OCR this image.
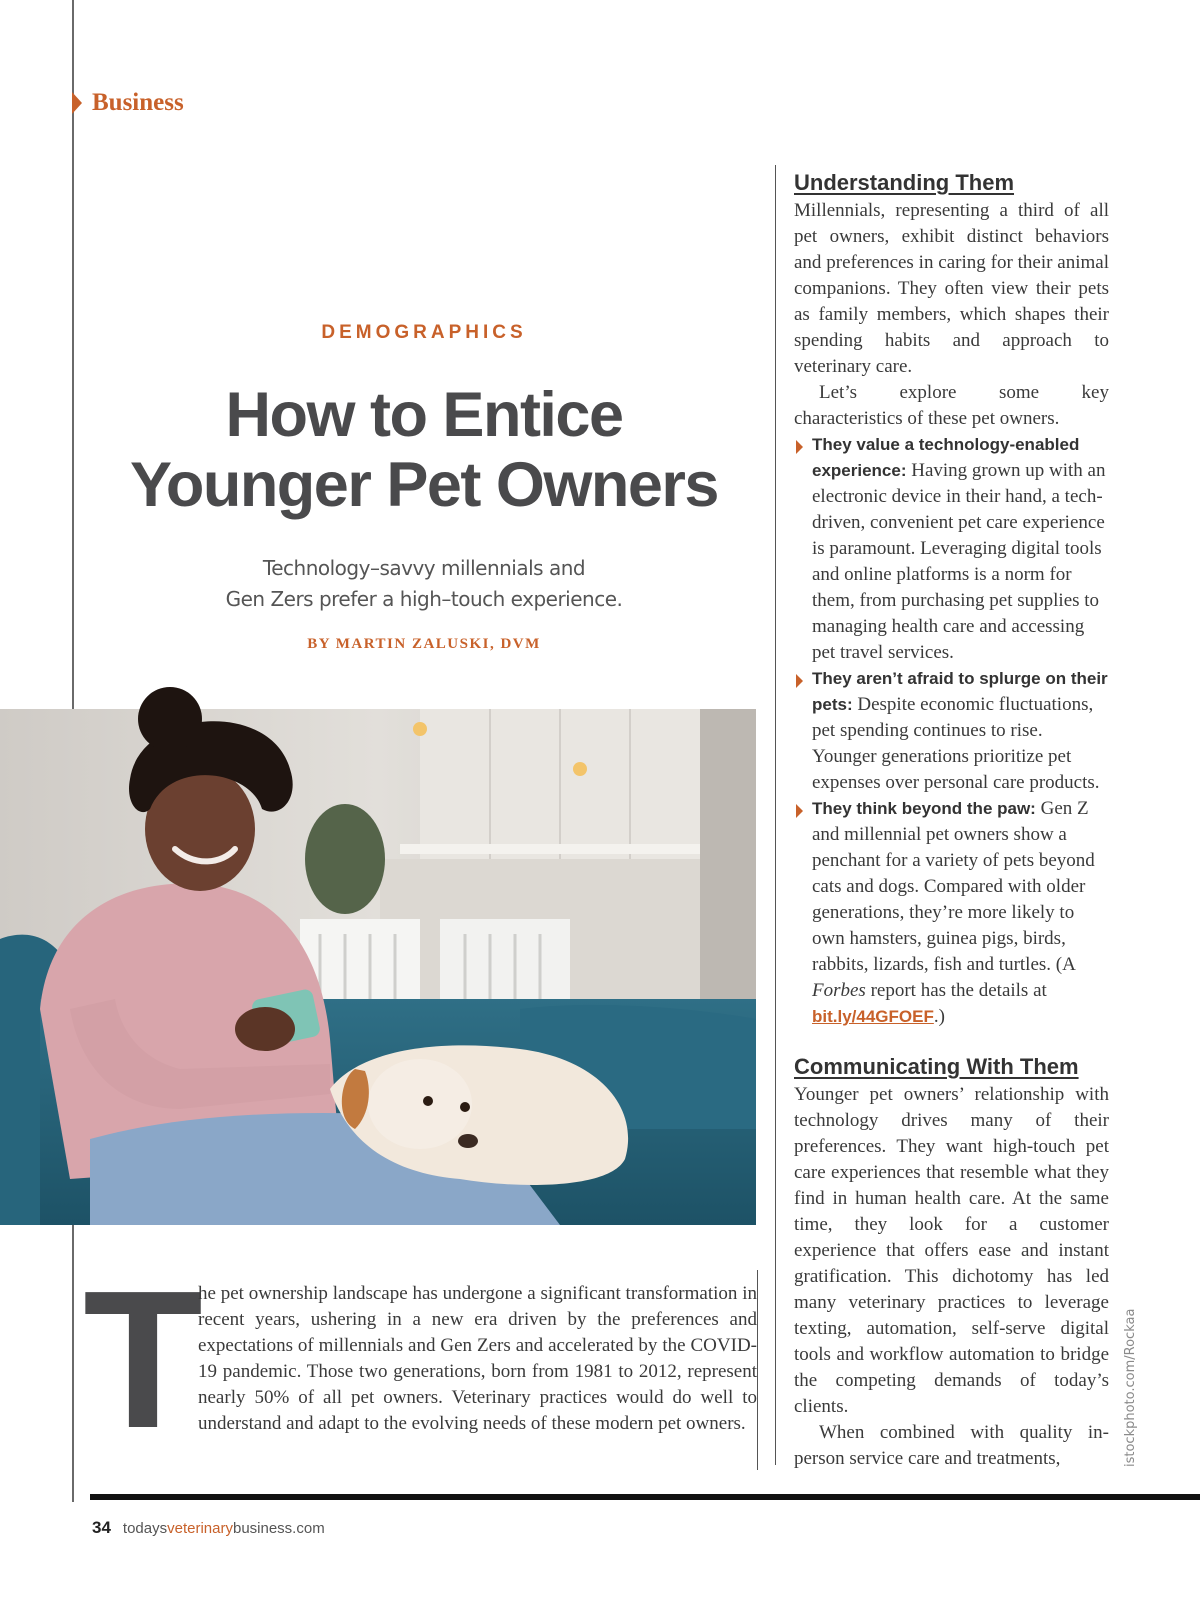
Business
DEMOGRAPHICS
How to Entice
Younger Pet Owners
Technology–savvy millennials and
Gen Zers prefer a high–touch experience.
BY MARTIN ZALUSKI, DVM
T

he pet ownership landscape has undergone a significant transformation in recent years, ushering in a new era driven by the preferences and expectations of millennials and Gen Zers and accelerated by the COVID-19 pandemic. Those two generations, born from 1981 to 2012, represent nearly 50% of all pet owners. Veterinary practices would do well to understand and adapt to the evolving needs of these modern pet owners.

Understanding Them

Millennials, representing a third of all pet owners, exhibit distinct behaviors and preferences in caring for their animal companions. They often view their pets as family members, which shapes their spending habits and approach to veterinary care.

Let’s explore some key characteristics of these pet owners.

They value a technology-enabled experience: Having grown up with an electronic device in their hand, a tech-driven, convenient pet care experience is paramount. Leveraging digital tools and online platforms is a norm for them, from purchasing pet supplies to managing health care and accessing pet travel services.
They aren’t afraid to splurge on their pets: Despite economic fluctuations, pet spending continues to rise. Younger generations prioritize pet expenses over personal care products.
They think beyond the paw: Gen Z and millennial pet owners show a penchant for a variety of pets beyond cats and dogs. Compared with older generations, they’re more likely to own hamsters, guinea pigs, birds, rabbits, lizards, fish and turtles. (A Forbes report has the details at bit.ly/44GFOEF.)
Communicating With Them

Younger pet owners’ relationship with technology drives many of their preferences. They want high-touch pet care experiences that resemble what they find in human health care. At the same time, they look for a customer experience that offers ease and instant gratification. This dichotomy has led many veterinary practices to leverage texting, automation, self-serve digital tools and workflow automation to bridge the competing demands of today’s clients.

When combined with quality in-person service care and treatments,	istockphoto.com/Rockaa
34 todaysveterinarybusiness.com
